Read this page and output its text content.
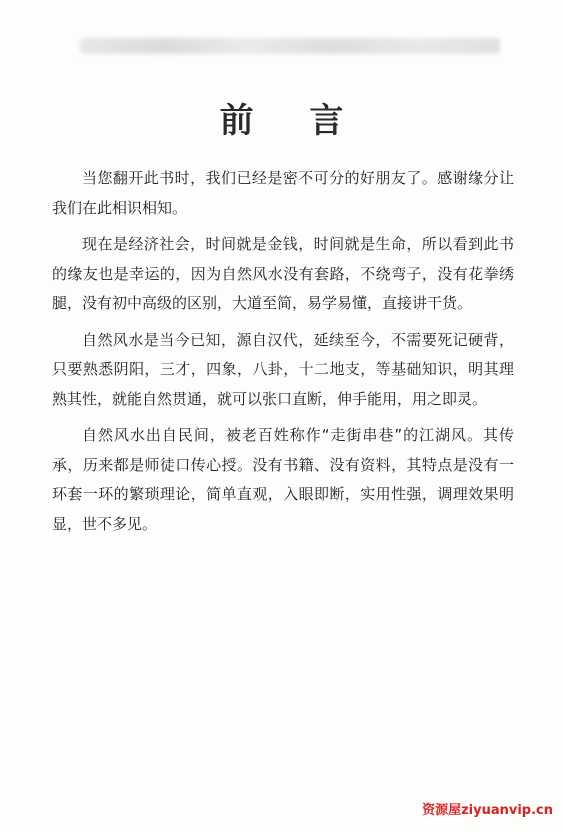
前 言

当您翻开此书时，我们已经是密不可分的好朋友了。感谢缘分让我们在此相识相知。

现在是经济社会，时间就是金钱，时间就是生命，所以看到此书的缘友也是幸运的，因为自然风水没有套路，不绕弯子，没有花拳绣腿，没有初中高级的区别，大道至简，易学易懂，直接讲干货。

自然风水是当今已知，源自汉代，延续至今，不需要死记硬背，只要熟悉阴阳，三才，四象，八卦，十二地支，等基础知识，明其理熟其性，就能自然贯通，就可以张口直断，伸手能用，用之即灵。

自然风水出自民间，被老百姓称作“走街串巷”的江湖风。其传承，历来都是师徒口传心授。没有书籍、没有资料，其特点是没有一环套一环的繁琐理论，简单直观，入眼即断，实用性强，调理效果明显，世不多见。

资源屋ziyuanvip.cn
